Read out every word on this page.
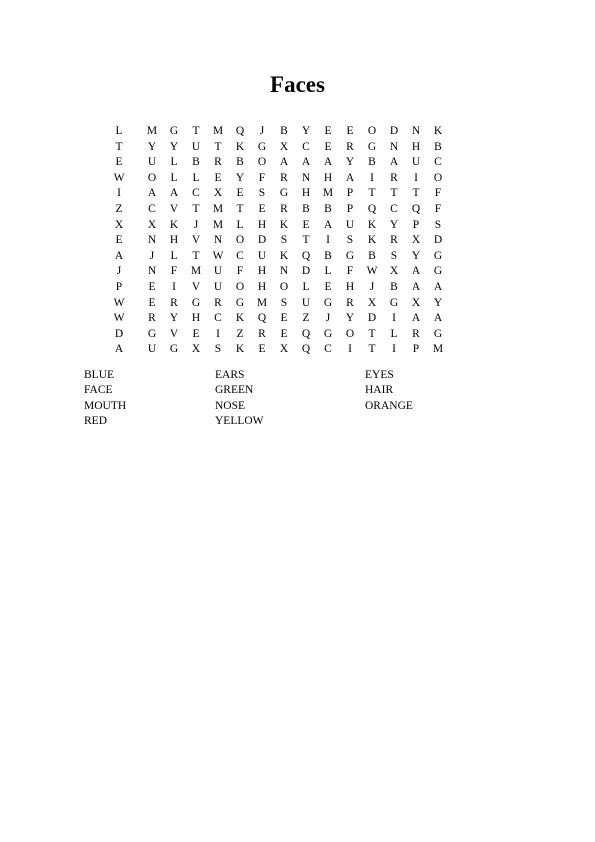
Faces
L	M	G	T	M	Q	J	B	Y	E	E	O	D	N	K
T	Y	Y	U	T	K	G	X	C	E	R	G	N	H	B
E	U	L	B	R	B	O	A	A	A	Y	B	A	U	C
W	O	L	L	E	Y	F	R	N	H	A	I	R	I	O
I	A	A	C	X	E	S	G	H	M	P	T	T	T	F
Z	C	V	T	M	T	E	R	B	B	P	Q	C	Q	F
X	X	K	J	M	L	H	K	E	A	U	K	Y	P	S
E	N	H	V	N	O	D	S	T	I	S	K	R	X	D
A	J	L	T	W	C	U	K	Q	B	G	B	S	Y	G
J	N	F	M	U	F	H	N	D	L	F	W	X	A	G
P	E	I	V	U	O	H	O	L	E	H	J	B	A	A
W	E	R	G	R	G	M	S	U	G	R	X	G	X	Y
W	R	Y	H	C	K	Q	E	Z	J	Y	D	I	A	A
D	G	V	E	I	Z	R	E	Q	G	O	T	L	R	G
A	U	G	X	S	K	E	X	Q	C	I	T	I	P	M
BLUE	EARS	EYES
FACE	GREEN	HAIR
MOUTH	NOSE	ORANGE
RED	YELLOW
